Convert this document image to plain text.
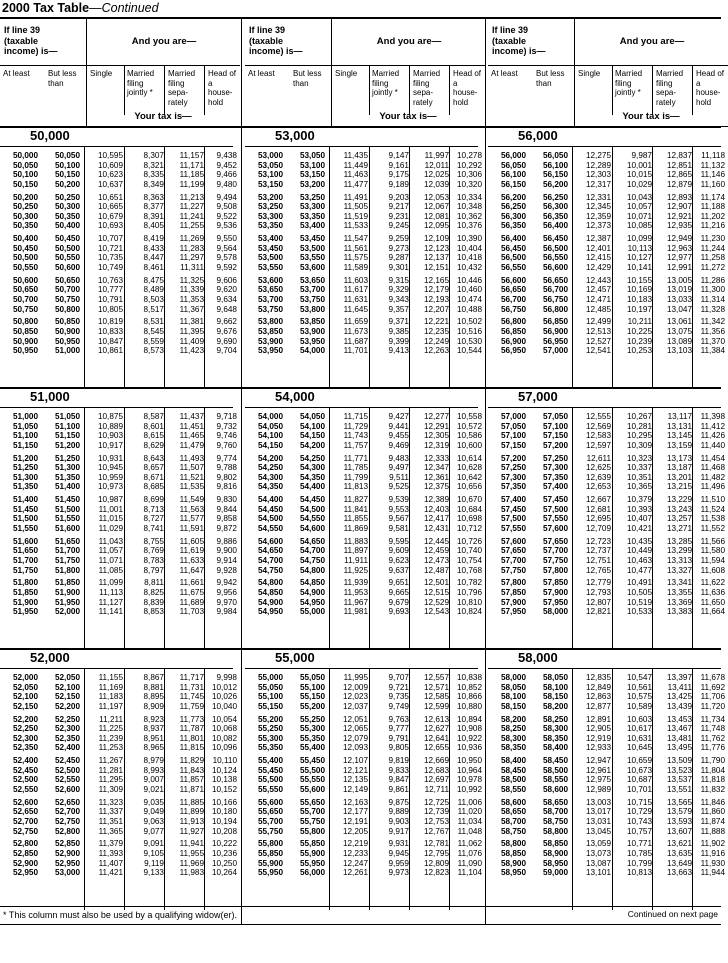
2000 Tax Table—Continued
If line 39 (taxable income) is—
And you are—
At least	But less than
Single	Married filing jointly *
Married filing sepa- rately
Head of a house- hold
Your tax is—
50,000
50,000	50,050	10,595	8,307	11,157	9,438
50,050	50,100	10,609	8,321	11,171	9,452
50,100	50,150	10,623	8,335	11,185	9,466
50,150	50,200	10,637	8,349	11,199	9,480
50,200	50,250	10,651	8,363	11,213	9,494
50,250	50,300	10,665	8,377	11,227	9,508
50,300	50,350	10,679	8,391	11,241	9,522
50,350	50,400	10,693	8,405	11,255	9,536
50,400	50,450	10,707	8,419	11,269	9,550
50,450	50,500	10,721	8,433	11,283	9,564
50,500	50,550	10,735	8,447	11,297	9,578
50,550	50,600	10,749	8,461	11,311	9,592
50,600	50,650	10,763	8,475	11,325	9,606
50,650	50,700	10,777	8,489	11,339	9,620
50,700	50,750	10,791	8,503	11,353	9,634
50,750	50,800	10,805	8,517	11,367	9,648
50,800	50,850	10,819	8,531	11,381	9,662
50,850	50,900	10,833	8,545	11,395	9,676
50,900	50,950	10,847	8,559	11,409	9,690
50,950	51,000	10,861	8,573	11,423	9,704
51,000
51,000	51,050	10,875	8,587	11,437	9,718
51,050	51,100	10,889	8,601	11,451	9,732
51,100	51,150	10,903	8,615	11,465	9,746
51,150	51,200	10,917	8,629	11,479	9,760
51,200	51,250	10,931	8,643	11,493	9,774
51,250	51,300	10,945	8,657	11,507	9,788
51,300	51,350	10,959	8,671	11,521	9,802
51,350	51,400	10,973	8,685	11,535	9,816
51,400	51,450	10,987	8,699	11,549	9,830
51,450	51,500	11,001	8,713	11,563	9,844
51,500	51,550	11,015	8,727	11,577	9,858
51,550	51,600	11,029	8,741	11,591	9,872
51,600	51,650	11,043	8,755	11,605	9,886
51,650	51,700	11,057	8,769	11,619	9,900
51,700	51,750	11,071	8,783	11,633	9,914
51,750	51,800	11,085	8,797	11,647	9,928
51,800	51,850	11,099	8,811	11,661	9,942
51,850	51,900	11,113	8,825	11,675	9,956
51,900	51,950	11,127	8,839	11,689	9,970
51,950	52,000	11,141	8,853	11,703	9,984
52,000
52,000	52,050	11,155	8,867	11,717	9,998
52,050	52,100	11,169	8,881	11,731 10,012
52,100	52,150	11,183	8,895	11,745 10,026
52,150	52,200	11,197	8,909	11,759 10,040
52,200	52,250	11,211	8,923	11,773 10,054
52,250	52,300	11,225	8,937	11,787 10,068
52,300	52,350	11,239	8,951	11,801 10,082
52,350	52,400	11,253	8,965	11,815 10,096
52,400	52,450	11,267	8,979	11,829	10,110
52,450	52,500	11,281	8,993	11,843 10,124
52,500	52,550	11,295	9,007	11,857 10,138
52,550	52,600	11,309	9,021	11,871 10,152
52,600	52,650	11,323	9,035	11,885 10,166
52,650	52,700	11,337	9,049	11,899 10,180
52,700	52,750	11,351	9,063	11,913 10,194
52,750	52,800	11,365	9,077	11,927 10,208
52,800	52,850	11,379	9,091	11,941 10,222
52,850	52,900	11,393	9,105	11,955 10,236
52,900	52,950	11,407	9,119	11,969 10,250
52,950	53,000	11,421	9,133	11,983 10,264
If line 39 (taxable income) is—
And you are—
At least	But less than
Single	Married filing jointly *
Married filing sepa- rately
Head of a house- hold
Your tax is—
53,000
53,000	53,050	11,435	9,147	11,997 10,278
53,050	53,100	11,449	9,161	12,011 10,292
53,100	53,150	11,463	9,175	12,025 10,306
53,150	53,200	11,477	9,189	12,039 10,320
53,200	53,250	11,491	9,203	12,053 10,334
53,250	53,300	11,505	9,217	12,067 10,348
53,300	53,350	11,519	9,231	12,081 10,362
53,350	53,400	11,533	9,245	12,095 10,376
53,400	53,450	11,547	9,259	12,109 10,390
53,450	53,500	11,561	9,273	12,123 10,404
53,500	53,550	11,575	9,287	12,137 10,418
53,550	53,600	11,589	9,301	12,151 10,432
53,600	53,650	11,603	9,315	12,165 10,446
53,650	53,700	11,617	9,329	12,179 10,460
53,700	53,750	11,631	9,343	12,193 10,474
53,750	53,800	11,645	9,357	12,207 10,488
53,800	53,850	11,659	9,371	12,221 10,502
53,850	53,900	11,673	9,385	12,235 10,516
53,900	53,950	11,687	9,399	12,249 10,530
53,950	54,000	11,701	9,413	12,263 10,544
54,000
54,000	54,050	11,715	9,427	12,277 10,558
54,050	54,100	11,729	9,441	12,291 10,572
54,100	54,150	11,743	9,455	12,305 10,586
54,150	54,200	11,757	9,469	12,319 10,600
54,200	54,250	11,771	9,483	12,333 10,614
54,250	54,300	11,785	9,497	12,347 10,628
54,300	54,350	11,799	9,511	12,361 10,642
54,350	54,400	11,813	9,525	12,375 10,656
54,400	54,450	11,827	9,539	12,389 10,670
54,450	54,500	11,841	9,553	12,403 10,684
54,500	54,550	11,855	9,567	12,417 10,698
54,550	54,600	11,869	9,581	12,431 10,712
54,600	54,650	11,883	9,595	12,445 10,726
54,650	54,700	11,897	9,609	12,459 10,740
54,700	54,750	11,911	9,623	12,473 10,754
54,750	54,800	11,925	9,637	12,487 10,768
54,800	54,850	11,939	9,651	12,501 10,782
54,850	54,900	11,953	9,665	12,515 10,796
54,900	54,950	11,967	9,679	12,529 10,810
54,950	55,000	11,981	9,693	12,543 10,824
55,000
55,000	55,050	11,995	9,707	12,557 10,838
55,050	55,100	12,009	9,721	12,571 10,852
55,100	55,150	12,023	9,735	12,585 10,866
55,150	55,200	12,037	9,749	12,599 10,880
55,200	55,250	12,051	9,763	12,613 10,894
55,250	55,300	12,065	9,777	12,627 10,908
55,300	55,350	12,079	9,791	12,641 10,922
55,350	55,400	12,093	9,805	12,655 10,936
55,400	55,450	12,107	9,819	12,669 10,950
55,450	55,500	12,121	9,833	12,683 10,964
55,500	55,550	12,135	9,847	12,697 10,978
55,550	55,600	12,149	9,861	12,711 10,992
55,600	55,650	12,163	9,875	12,725	11,006
55,650	55,700	12,177	9,889	12,739	11,020
55,700	55,750	12,191	9,903	12,753	11,034
55,750	55,800	12,205	9,917	12,767	11,048
55,800	55,850	12,219	9,931	12,781	11,062
55,850	55,900	12,233	9,945	12,795	11,076
55,900	55,950	12,247	9,959	12,809	11,090
55,950	56,000	12,261	9,973	12,823	11,104
If line 39 (taxable income) is—
And you are—
At least	But less than
Single	Married filing jointly *
Married filing sepa- rately
Head of a house- hold
Your tax is—
56,000
56,000	56,050	12,275	9,987	12,837	11,118
56,050	56,100	12,289	10,001	12,851	11,132
56,100	56,150	12,303	10,015	12,865	11,146
56,150	56,200	12,317	10,029	12,879	11,160
56,200	56,250	12,331	10,043	12,893	11,174
56,250	56,300	12,345	10,057	12,907	11,188
56,300	56,350	12,359	10,071	12,921	11,202
56,350	56,400	12,373	10,085	12,935	11,216
56,400	56,450	12,387	10,099	12,949	11,230
56,450	56,500	12,401	10,113	12,963	11,244
56,500	56,550	12,415	10,127	12,977	11,258
56,550	56,600	12,429	10,141	12,991	11,272
56,600	56,650	12,443	10,155	13,005	11,286
56,650	56,700	12,457	10,169	13,019	11,300
56,700	56,750	12,471	10,183	13,033	11,314
56,750	56,800	12,485	10,197	13,047	11,328
56,800	56,850	12,499	10,211	13,061	11,342
56,850	56,900	12,513	10,225	13,075	11,356
56,900	56,950	12,527	10,239	13,089	11,370
56,950	57,000	12,541	10,253	13,103	11,384
57,000
57,000	57,050	12,555	10,267	13,117	11,398
57,050	57,100	12,569	10,281	13,131	11,412
57,100	57,150	12,583	10,295	13,145	11,426
57,150	57,200	12,597	10,309	13,159	11,440
57,200	57,250	12,611	10,323	13,173	11,454
57,250	57,300	12,625	10,337	13,187	11,468
57,300	57,350	12,639	10,351	13,201	11,482
57,350	57,400	12,653	10,365	13,215	11,496
57,400	57,450	12,667	10,379	13,229	11,510
57,450	57,500	12,681	10,393	13,243	11,524
57,500	57,550	12,695	10,407	13,257	11,538
57,550	57,600	12,709	10,421	13,271	11,552
57,600	57,650	12,723	10,435	13,285	11,566
57,650	57,700	12,737	10,449	13,299	11,580
57,700	57,750	12,751	10,463	13,313	11,594
57,750	57,800	12,765	10,477	13,327	11,608
57,800	57,850	12,779	10,491	13,341	11,622
57,850	57,900	12,793	10,505	13,355	11,636
57,900	57,950	12,807	10,519	13,369	11,650
57,950	58,000	12,821	10,533	13,383	11,664
58,000
58,000	58,050	12,835	10,547	13,397	11,678
58,050	58,100	12,849	10,561	13,411	11,692
58,100	58,150	12,863	10,575	13,425	11,706
58,150	58,200	12,877	10,589	13,439	11,720
58,200	58,250	12,891	10,603	13,453	11,734
58,250	58,300	12,905	10,617	13,467	11,748
58,300	58,350	12,919	10,631	13,481	11,762
58,350	58,400	12,933	10,645	13,495	11,776
58,400	58,450	12,947	10,659	13,509	11,790
58,450	58,500	12,961	10,673	13,523	11,804
58,500	58,550	12,975	10,687	13,537	11,818
58,550	58,600	12,989	10,701	13,551	11,832
58,600	58,650	13,003	10,715	13,565	11,846
58,650	58,700	13,017	10,729	13,579	11,860
58,700	58,750	13,031	10,743	13,593	11,874
58,750	58,800	13,045	10,757	13,607	11,888
58,800	58,850	13,059	10,771	13,621	11,902
58,850	58,900	13,073	10,785	13,635	11,916
58,900	58,950	13,087	10,799	13,649	11,930
58,950	59,000	13,101	10,813	13,663	11,944
* This column must also be used by a qualifying widow(er).	Continued on next page
